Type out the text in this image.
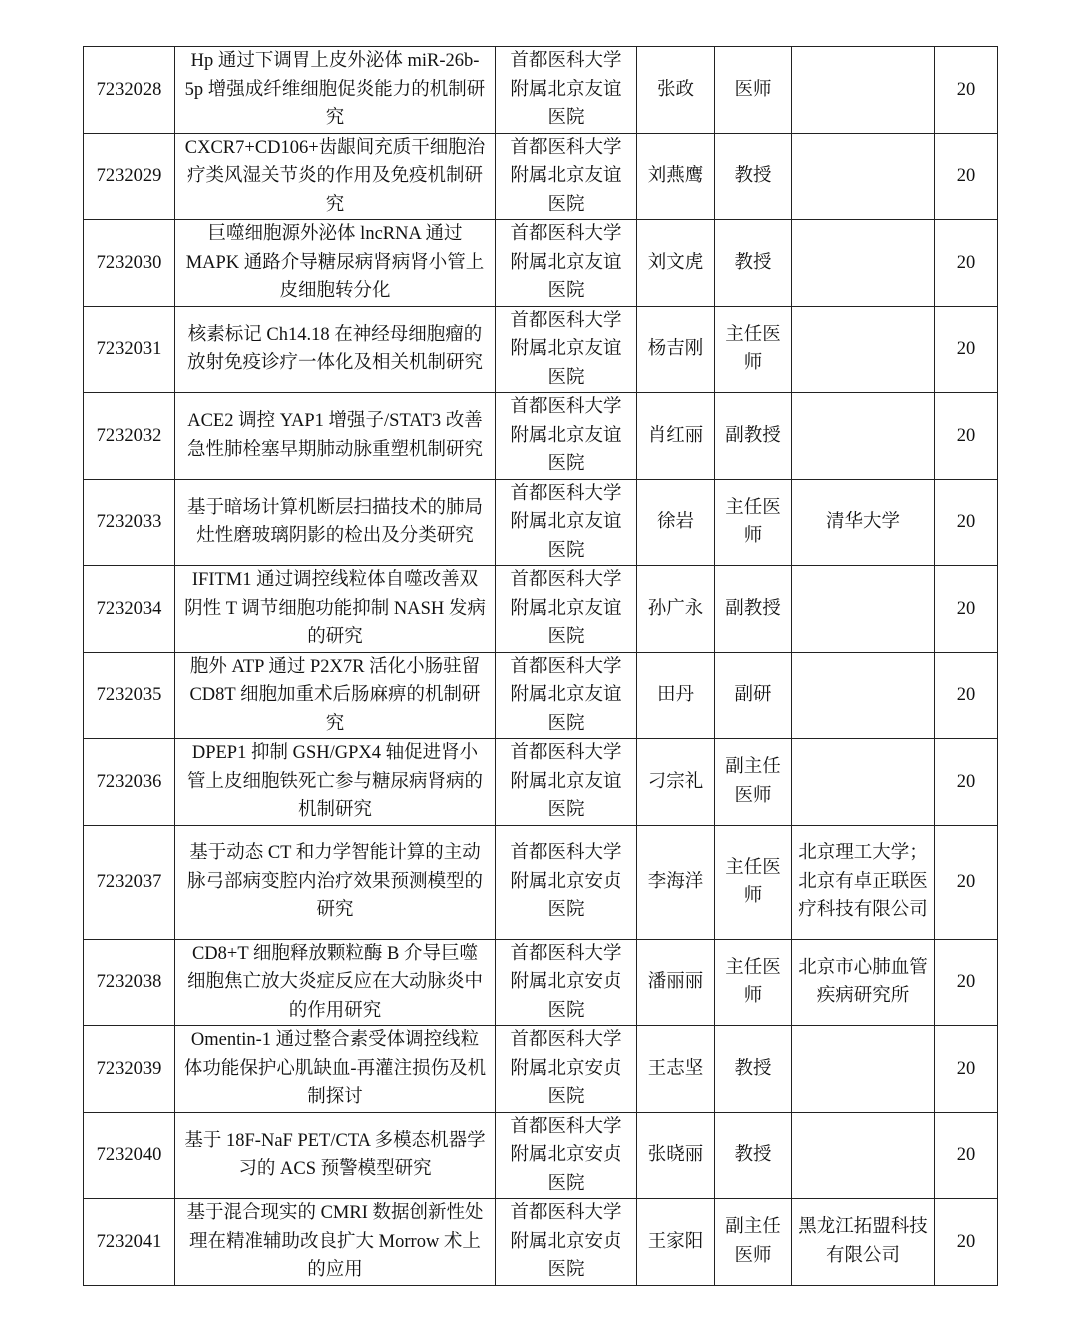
7232028	Hp 通过下调胃上皮外泌体 miR-26b-5p 增强成纤维细胞促炎能力的机制研究	首都医科大学附属北京友谊医院	张政	医师		20
7232029	CXCR7+CD106+齿龈间充质干细胞治疗类风湿关节炎的作用及免疫机制研究	首都医科大学附属北京友谊医院	刘燕鹰	教授		20
7232030	巨噬细胞源外泌体 lncRNA 通过 MAPK 通路介导糖尿病肾病肾小管上皮细胞转分化	首都医科大学附属北京友谊医院	刘文虎	教授		20
7232031	核素标记 Ch14.18 在神经母细胞瘤的放射免疫诊疗一体化及相关机制研究	首都医科大学附属北京友谊医院	杨吉刚	主任医师		20
7232032	ACE2 调控 YAP1 增强子/STAT3 改善急性肺栓塞早期肺动脉重塑机制研究	首都医科大学附属北京友谊医院	肖红丽	副教授		20
7232033	基于暗场计算机断层扫描技术的肺局灶性磨玻璃阴影的检出及分类研究	首都医科大学附属北京友谊医院	徐岩	主任医师	清华大学	20
7232034	IFITM1 通过调控线粒体自噬改善双阴性 T 调节细胞功能抑制 NASH 发病的研究	首都医科大学附属北京友谊医院	孙广永	副教授		20
7232035	胞外 ATP 通过 P2X7R 活化小肠驻留 CD8T 细胞加重术后肠麻痹的机制研究	首都医科大学附属北京友谊医院	田丹	副研		20
7232036	DPEP1 抑制 GSH/GPX4 轴促进肾小管上皮细胞铁死亡参与糖尿病肾病的机制研究	首都医科大学附属北京友谊医院	刁宗礼	副主任医师		20
7232037	基于动态 CT 和力学智能计算的主动脉弓部病变腔内治疗效果预测模型的研究	首都医科大学附属北京安贞医院	李海洋	主任医师	北京理工大学；北京有卓正联医疗科技有限公司	20
7232038	CD8+T 细胞释放颗粒酶 B 介导巨噬细胞焦亡放大炎症反应在大动脉炎中的作用研究	首都医科大学附属北京安贞医院	潘丽丽	主任医师	北京市心肺血管疾病研究所	20
7232039	Omentin-1 通过整合素受体调控线粒体功能保护心肌缺血-再灌注损伤及机制探讨	首都医科大学附属北京安贞医院	王志坚	教授		20
7232040	基于 18F-NaF PET/CTA 多模态机器学习的 ACS 预警模型研究	首都医科大学附属北京安贞医院	张晓丽	教授		20
7232041	基于混合现实的 CMRI 数据创新性处理在精准辅助改良扩大 Morrow 术上的应用	首都医科大学附属北京安贞医院	王家阳	副主任医师	黑龙江拓盟科技有限公司	20
